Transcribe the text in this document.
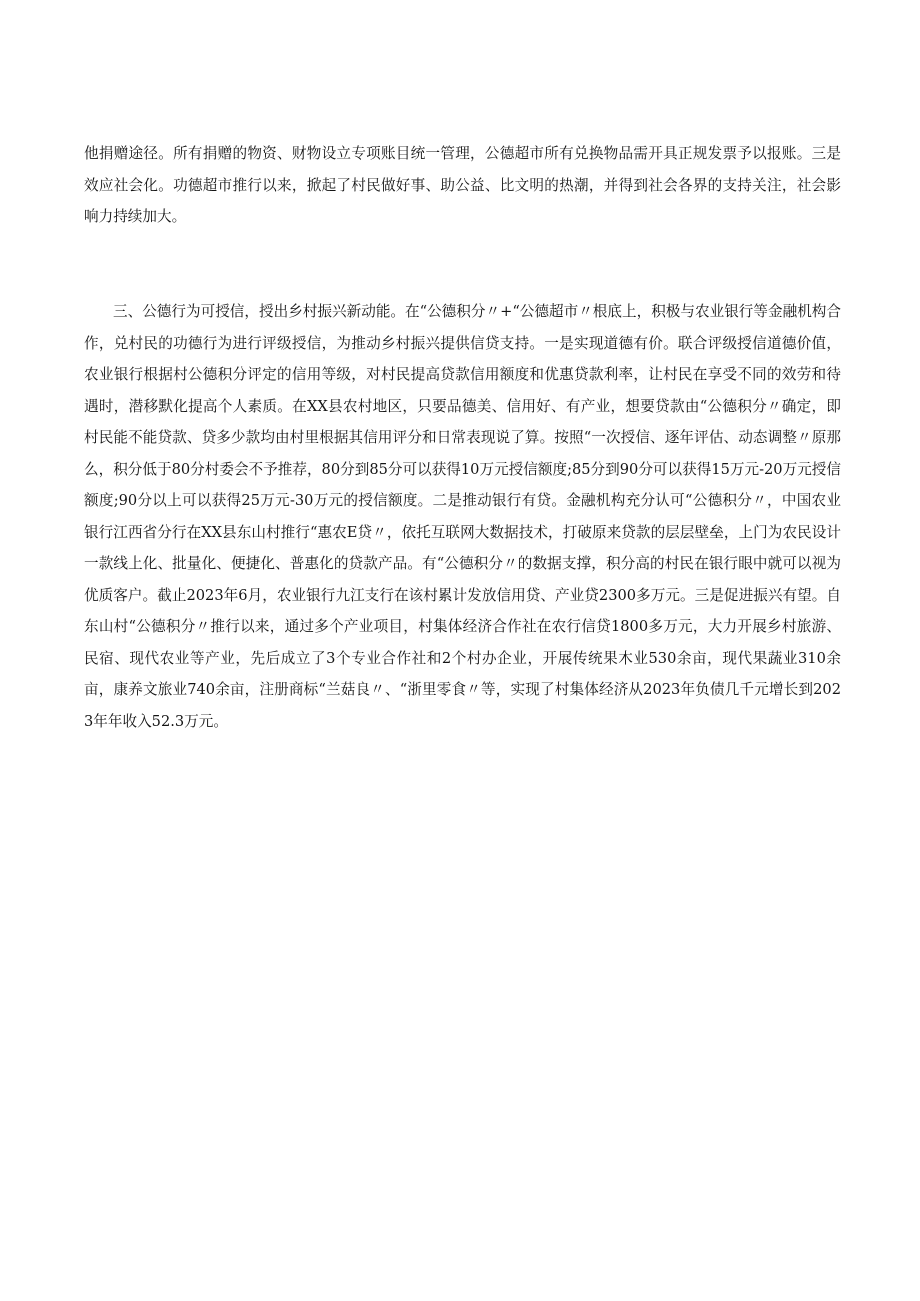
他捐赠途径。所有捐赠的物资、财物设立专项账目统一管理，公德超市所有兑换物品需开具正规发票予以报账。三是效应社会化。功德超市推行以来，掀起了村民做好事、助公益、比文明的热潮，并得到社会各界的支持关注，社会影响力持续加大。

三、公德行为可授信，授出乡村振兴新动能。在“公德积分〃+“公德超市〃根底上，积极与农业银行等金融机构合作，兑村民的功德行为进行评级授信，为推动乡村振兴提供信贷支持。一是实现道德有价。联合评级授信道德价值，农业银行根据村公德积分评定的信用等级，对村民提高贷款信用额度和优惠贷款利率，让村民在享受不同的效劳和待遇时，潜移默化提高个人素质。在XX县农村地区，只要品德美、信用好、有产业，想要贷款由“公德积分〃确定，即村民能不能贷款、贷多少款均由村里根据其信用评分和日常表现说了算。按照“一次授信、逐年评估、动态调整〃原那么，积分低于80分村委会不予推荐，80分到85分可以获得10万元授信额度;85分到90分可以获得15万元-20万元授信额度;90分以上可以获得25万元-30万元的授信额度。二是推动银行有贷。金融机构充分认可“公德积分〃，中国农业银行江西省分行在XX县东山村推行“惠农E贷〃，依托互联网大数据技术，打破原来贷款的层层壁垒，上门为农民设计一款线上化、批量化、便捷化、普惠化的贷款产品。有“公德积分〃的数据支撑，积分高的村民在银行眼中就可以视为优质客户。截止2023年6月，农业银行九江支行在该村累计发放信用贷、产业贷2300多万元。三是促进振兴有望。自东山村“公德积分〃推行以来，通过多个产业项目，村集体经济合作社在农行信贷1800多万元，大力开展乡村旅游、民宿、现代农业等产业，先后成立了3个专业合作社和2个村办企业，开展传统果木业530余亩，现代果蔬业310余亩，康养文旅业740余亩，注册商标“兰菇良〃、“浙里零食〃等，实现了村集体经济从2023年负债几千元增长到2023年年收入52.3万元。
